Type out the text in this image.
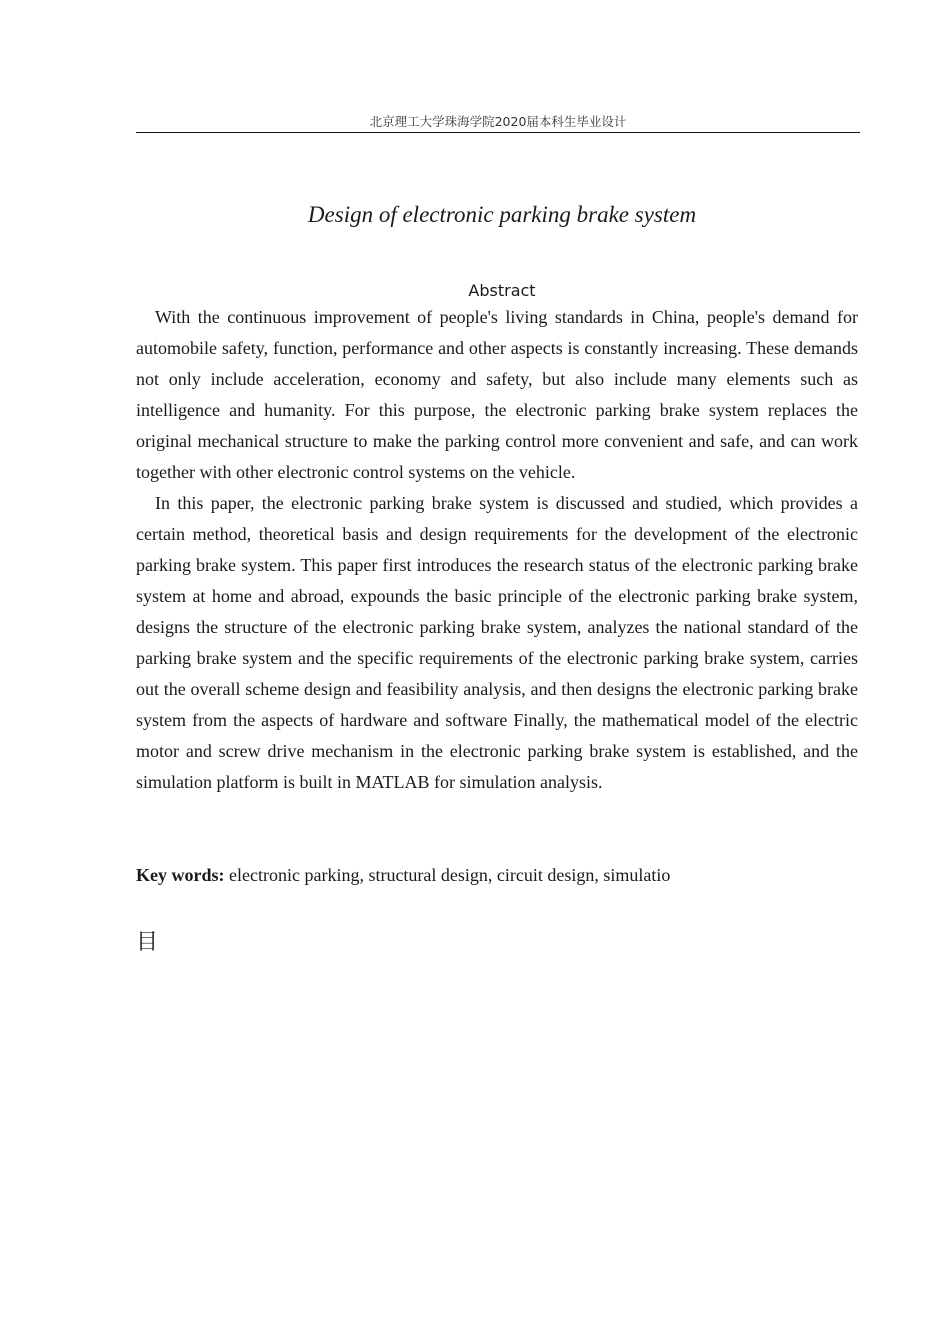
北京理工大学珠海学院2020届本科生毕业设计
Design of electronic parking brake system
Abstract

With the continuous improvement of people's living standards in China, people's demand for automobile safety, function, performance and other aspects is constantly increasing. These demands not only include acceleration, economy and safety, but also include many elements such as intelligence and humanity. For this purpose, the electronic parking brake system replaces the original mechanical structure to make the parking control more convenient and safe, and can work together with other electronic control systems on the vehicle.

In this paper, the electronic parking brake system is discussed and studied, which provides a certain method, theoretical basis and design requirements for the development of the electronic parking brake system. This paper first introduces the research status of the electronic parking brake system at home and abroad, expounds the basic principle of the electronic parking brake system, designs the structure of the electronic parking brake system, analyzes the national standard of the parking brake system and the specific requirements of the electronic parking brake system, carries out the overall scheme design and feasibility analysis, and then designs the electronic parking brake system from the aspects of hardware and software Finally, the mathematical model of the electric motor and screw drive mechanism in the electronic parking brake system is established, and the simulation platform is built in MATLAB for simulation analysis.

Key words: electronic parking, structural design, circuit design, simulatio
目
